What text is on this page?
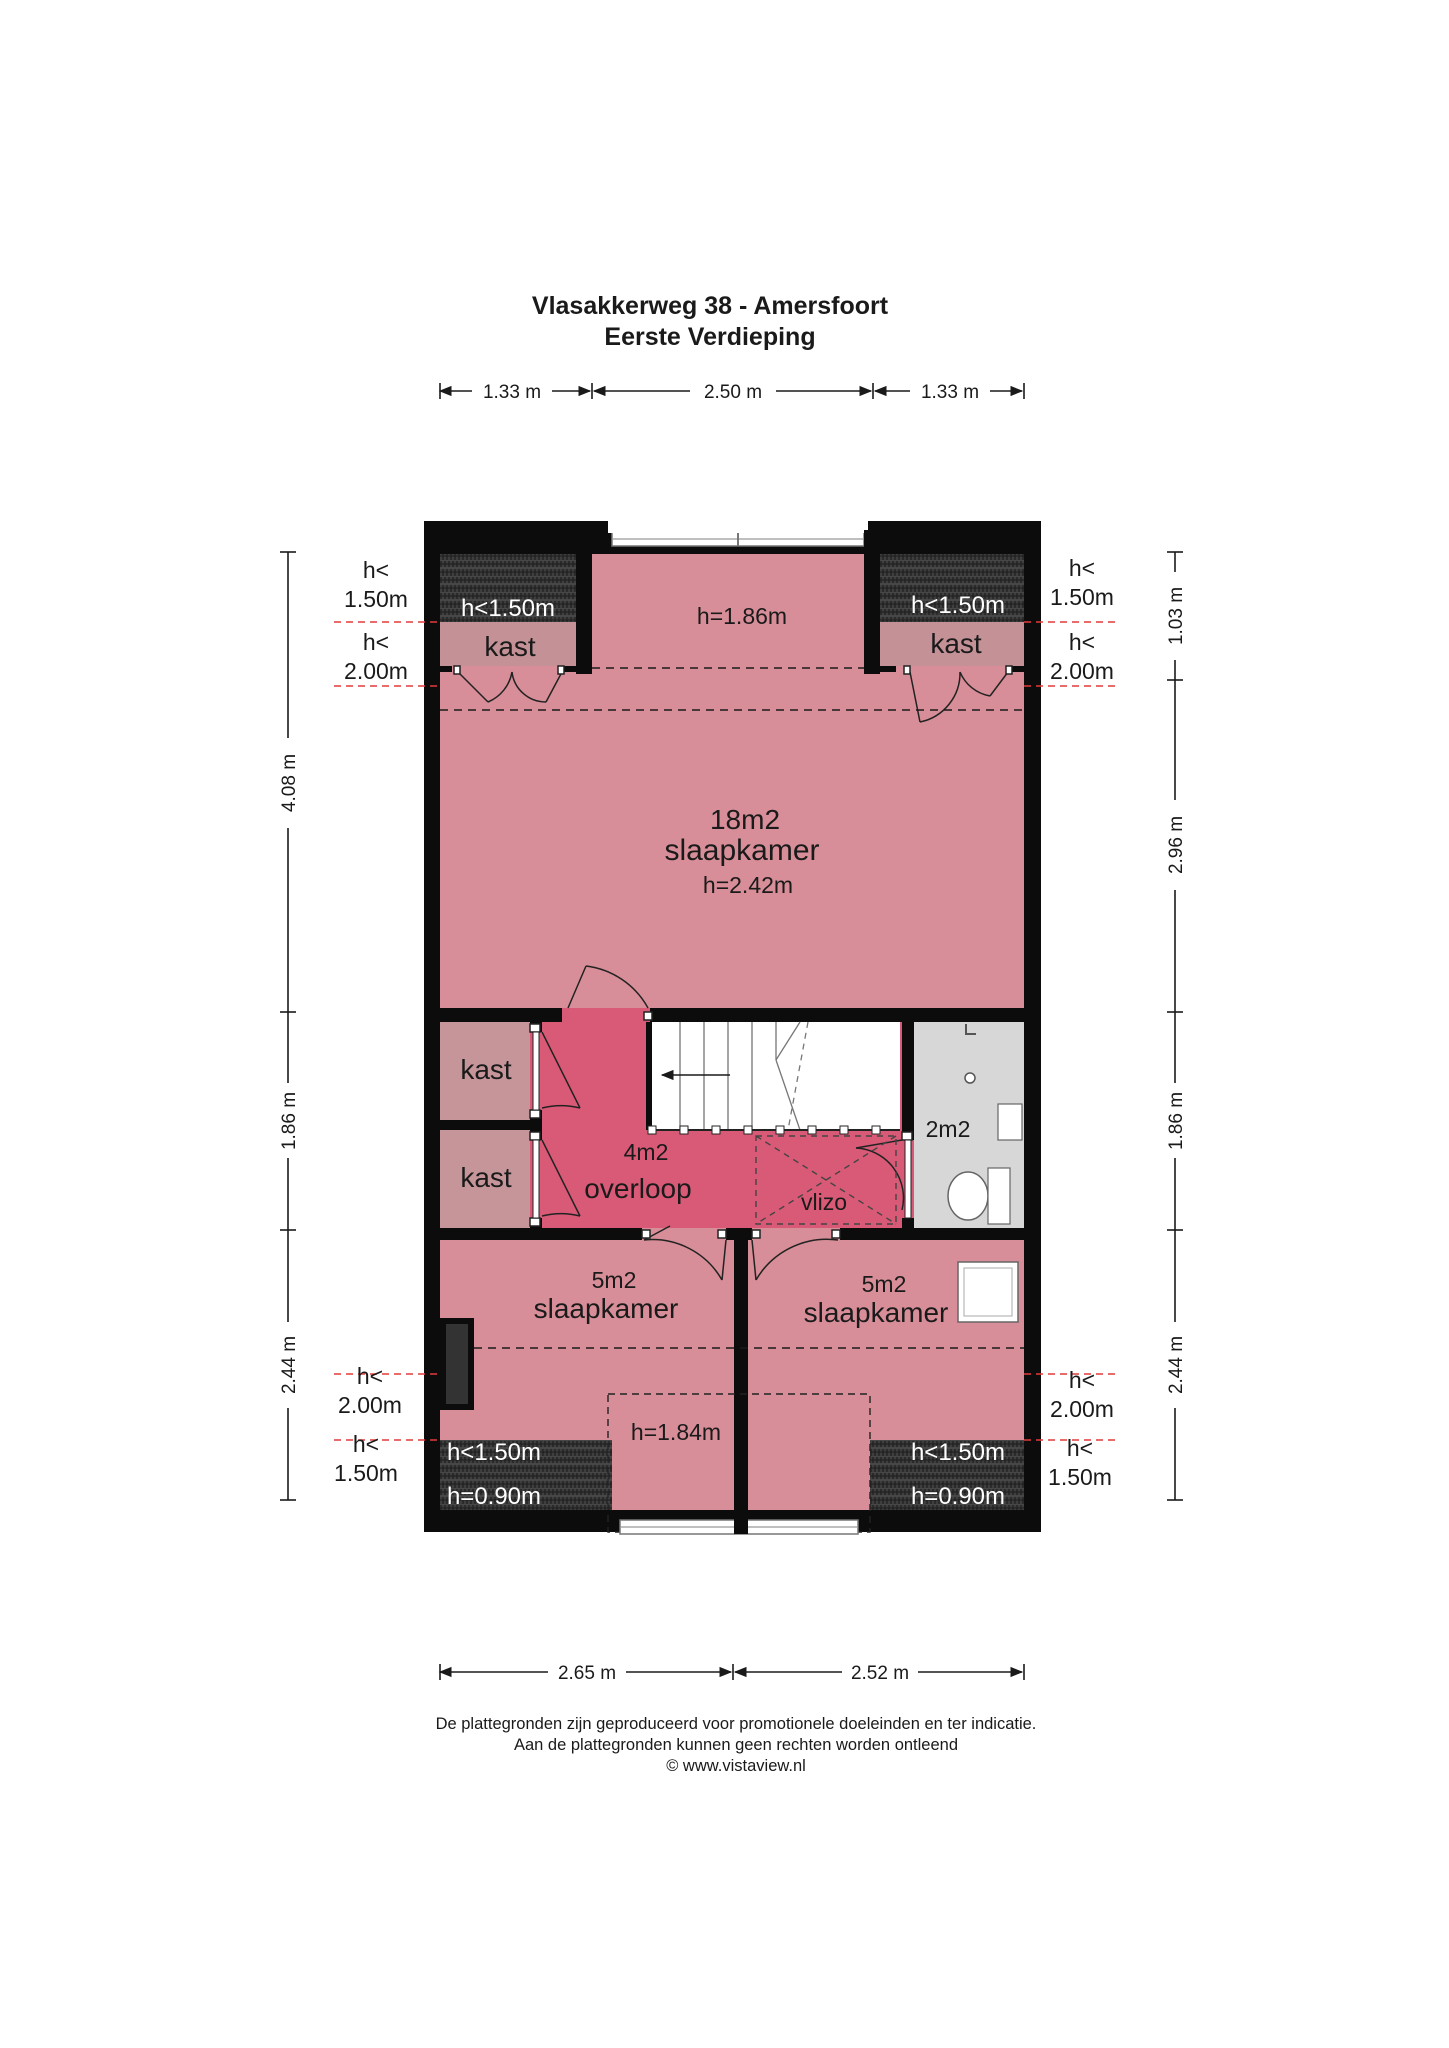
Vlasakkerweg 38 - Amersfoort
Eerste Verdieping
1.33 m	2.50 m	1.33 m
4.08 m
1.86 m
2.44 m
1.03 m
2.96 m
1.86 m
2.44 m
2.65 m	2.52 m
h=1.86m
h<1.50m
kast
h<1.50m
kast
18m2
slaapkamer
h=2.42m
kast
kast
4m2
overloop	vlizo
2m2
5m2
slaapkamer
5m2
slaapkamer
h=1.84m
h<1.50m
h=0.90m
h<1.50m
h=0.90m
h<
1.50m
h<
2.00m
h<
1.50m
h<
2.00m
h<
2.00m
h<
1.50m
h<
2.00m
h<
1.50m
De plattegronden zijn geproduceerd voor promotionele doeleinden en ter indicatie.
Aan de plattegronden kunnen geen rechten worden ontleend
© www.vistaview.nl
